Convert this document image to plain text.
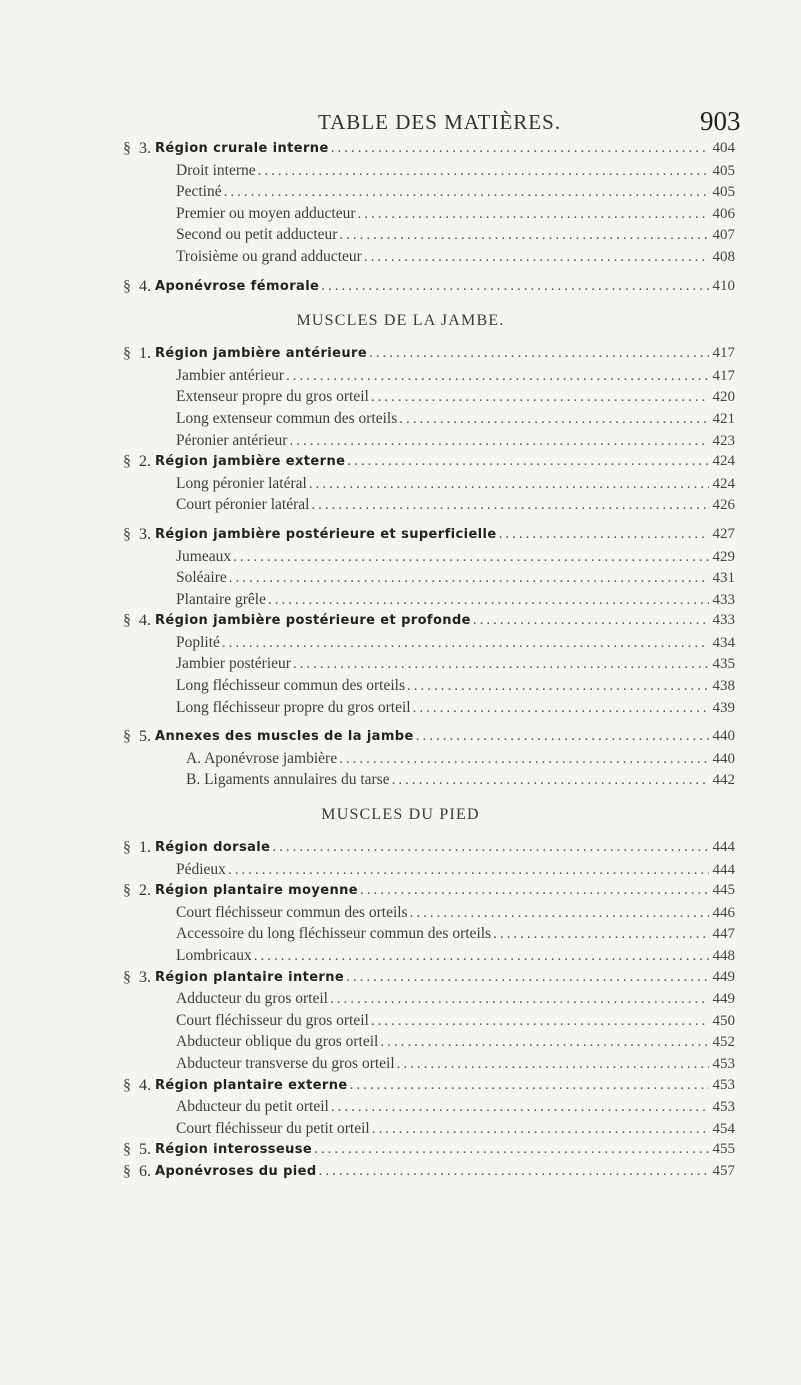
TABLE DES MATIÈRES.	903
§ 3. Région crurale interne .....	404
Droit interne .....	405
Pectiné .....	405
Premier ou moyen adducteur .....	406
Second ou petit adducteur .....	407
Troisième ou grand adducteur .....	408
§ 4. Aponévrose fémorale .....	410
MUSCLES DE LA JAMBE.
§ 1. Région jambière antérieure .....	417
Jambier antérieur .....	417
Extenseur propre du gros orteil .....	420
Long extenseur commun des orteils .....	421
Péronier antérieur .....	423
§ 2. Région jambière externe .....	424
Long péronier latéral .....	424
Court péronier latéral .....	426
§ 3. Région jambière postérieure et superficielle .....	427
Jumeaux .....	429
Soléaire .....	431
Plantaire grêle .....	433
§ 4. Région jambière postérieure et profonde .....	433
Poplité .....	434
Jambier postérieur .....	435
Long fléchisseur commun des orteils .....	438
Long fléchisseur propre du gros orteil .....	439
§ 5. Annexes des muscles de la jambe .....	440
A. Aponévrose jambière .....	440
B. Ligaments annulaires du tarse .....	442
MUSCLES DU PIED
§ 1. Région dorsale .....	444
Pédieux .....	444
§ 2. Région plantaire moyenne .....	445
Court fléchisseur commun des orteils .....	446
Accessoire du long fléchisseur commun des orteils .....	447
Lombricaux .....	448
§ 3. Région plantaire interne .....	449
Adducteur du gros orteil .....	449
Court fléchisseur du gros orteil .....	450
Abducteur oblique du gros orteil .....	452
Abducteur transverse du gros orteil .....	453
§ 4. Région plantaire externe .....	453
Abducteur du petit orteil .....	453
Court fléchisseur du petit orteil .....	454
§ 5. Région interosseuse .....	455
§ 6. Aponévroses du pied .....	457
